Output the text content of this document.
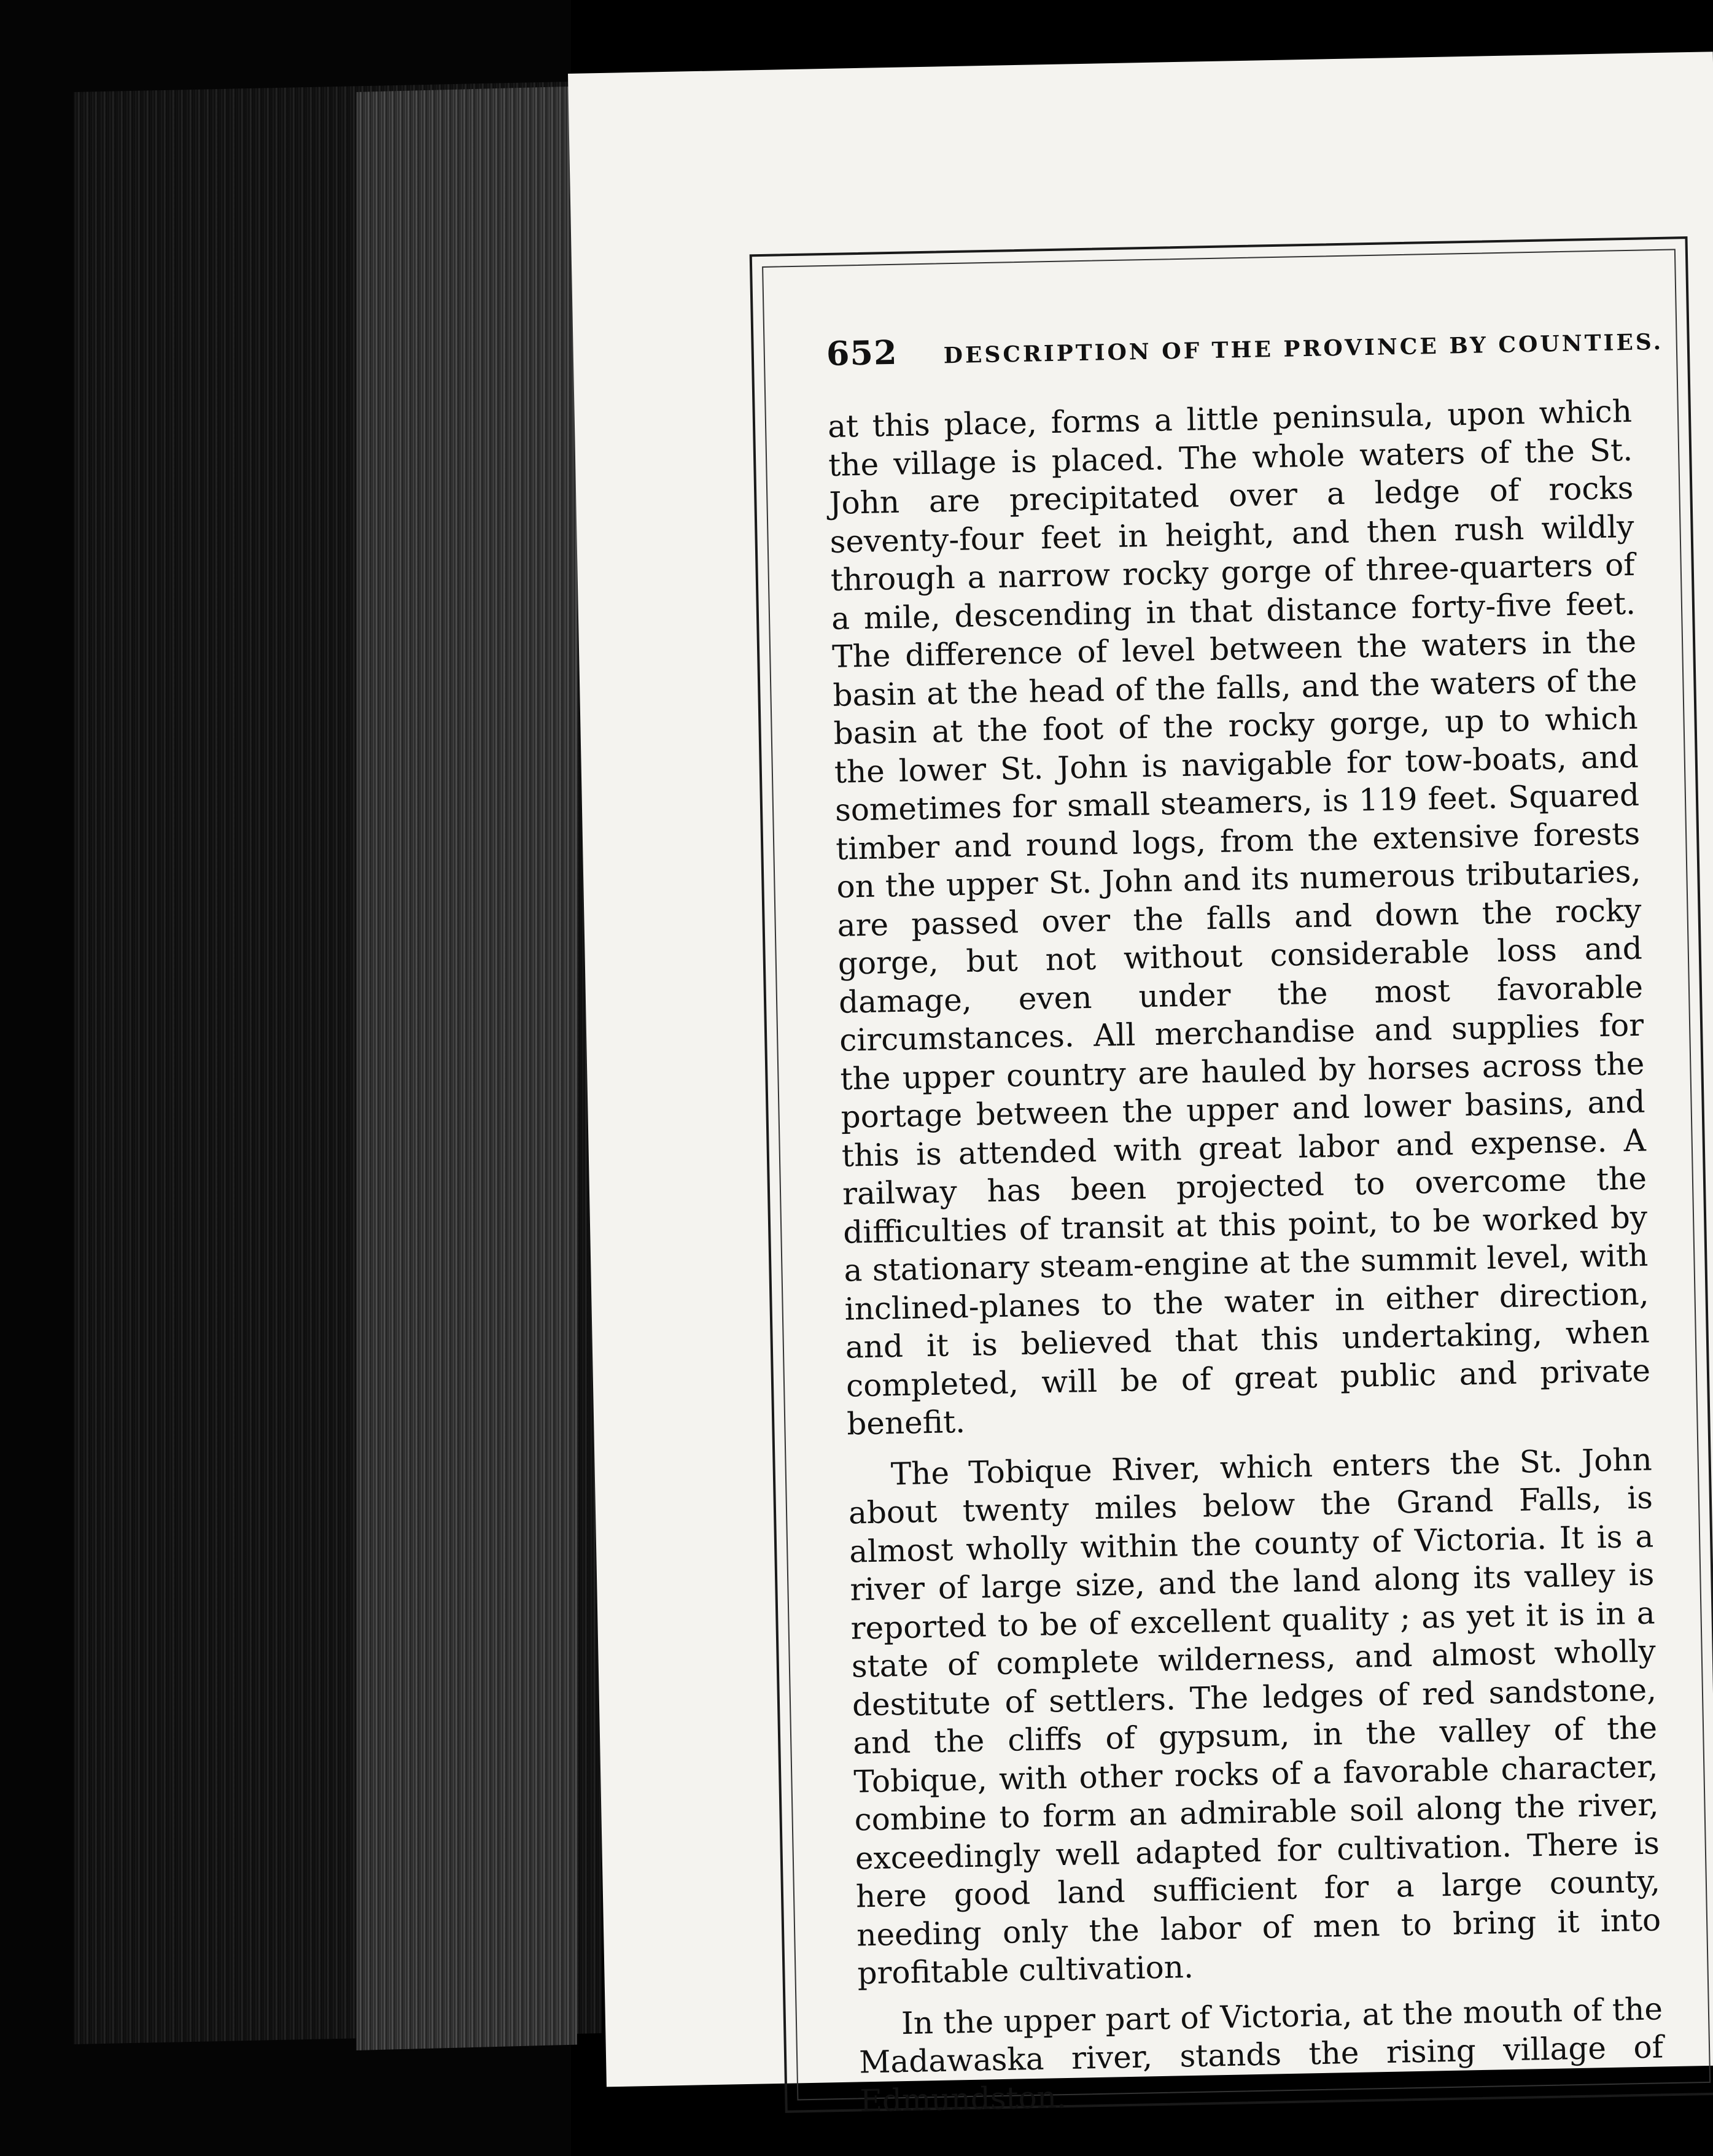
652 DESCRIPTION OF THE PROVINCE BY COUNTIES.

at this place, forms a little peninsula, upon which the village is placed. The whole waters of the St. John are precipitated over a ledge of rocks seventy-four feet in height, and then rush wildly through a narrow rocky gorge of three-quarters of a mile, descending in that distance forty-five feet. The difference of level between the waters in the basin at the head of the falls, and the waters of the basin at the foot of the rocky gorge, up to which the lower St. John is navigable for tow-boats, and sometimes for small steamers, is 119 feet. Squared timber and round logs, from the extensive forests on the upper St. John and its numerous tributaries, are passed over the falls and down the rocky gorge, but not without considerable loss and damage, even under the most favorable circumstances. All merchandise and supplies for the upper country are hauled by horses across the portage between the upper and lower basins, and this is attended with great labor and expense. A railway has been projected to overcome the difficulties of transit at this point, to be worked by a stationary steam-engine at the summit level, with inclined-planes to the water in either direction, and it is believed that this undertaking, when completed, will be of great public and private benefit.

The Tobique River, which enters the St. John about twenty miles below the Grand Falls, is almost wholly within the county of Victoria. It is a river of large size, and the land along its valley is reported to be of excellent quality ; as yet it is in a state of complete wilderness, and almost wholly destitute of settlers. The ledges of red sandstone, and the cliffs of gypsum, in the valley of the Tobique, with other rocks of a favorable character, combine to form an admirable soil along the river, exceedingly well adapted for cultivation. There is here good land sufficient for a large county, needing only the labor of men to bring it into profitable cultivation.

In the upper part of Victoria, at the mouth of the Madawaska river, stands the rising village of Edmundston.
